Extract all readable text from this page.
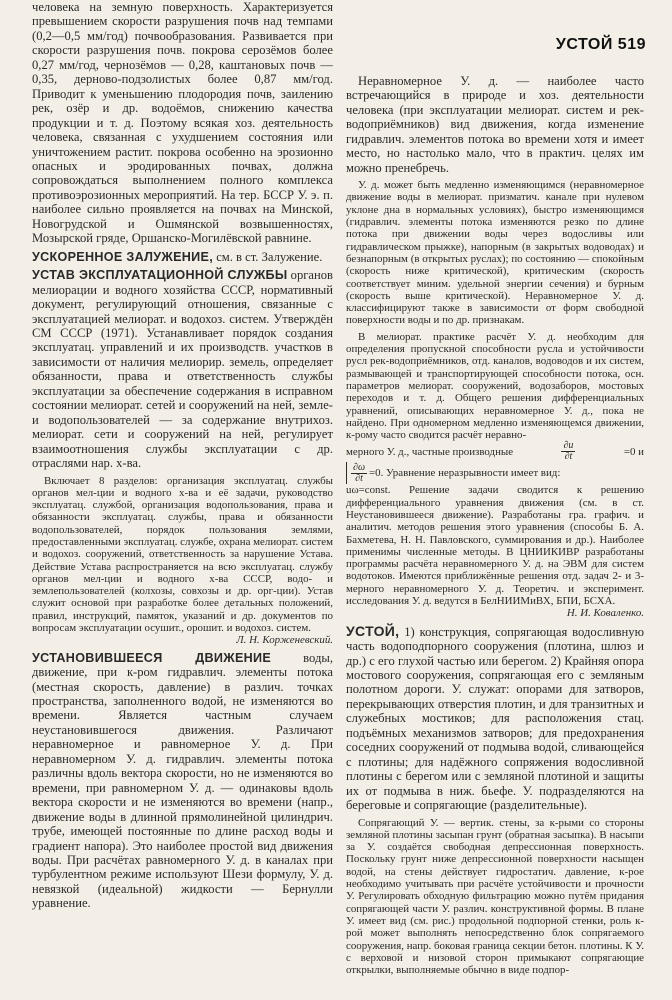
УСТОЙ 519

человека на земную поверхность. Характеризуется превышением скорости разрушения почв над темпами (0,2—0,5 мм/год) почвообразования. Развивается при скорости разрушения почв. покрова серозёмов более 0,27 мм/год, чернозёмов — 0,28, каштановых почв — 0,35, дерново-подзолистых более 0,87 мм/год. Приводит к уменьшению плодородия почв, заилению рек, озёр и др. водоёмов, снижению качества продукции и т. д. Поэтому всякая хоз. деятельность человека, связанная с ухудшением состояния или уничтожением растит. покрова особенно на эрозионно опасных и эродированных почвах, должна сопровождаться выполнением полного комплекса противоэрозионных мероприятий. На тер. БССР У. э. п. наиболее сильно проявляется на почвах на Минской, Новогрудской и Ошмянской возвышенностях, Мозырской гряде, Оршанско-Могилёвской равнине.

УСКОРЕННОЕ ЗАЛУЖЕНИЕ, см. в ст. Залужение.

УСТАВ ЭКСПЛУАТАЦИОННОЙ СЛУЖБЫ органов мелиорации и водного хозяйства СССР, нормативный документ, регулирующий отношения, связанные с эксплуатацией мелиорат. и водохоз. систем. Утверждён СМ СССР (1971). Устанавливает порядок создания эксплуатац. управлений и их производств. участков в зависимости от наличия мелиорир. земель, определяет обязанности, права и ответственность службы эксплуатации за обеспечение содержания в исправном состоянии мелиорат. сетей и сооружений на ней, земле- и водопользователей — за содержание внутрихоз. мелиорат. сети и сооружений на ней, регулирует взаимоотношения службы эксплуатации с др. отраслями нар. х-ва.

Включает 8 разделов: организация эксплуатац. службы органов мел-ции и водного х-ва и её задачи, руководство эксплуатац. службой, организация водопользования, права и обязанности эксплуатац. службы, права и обязанности водопользователей, порядок пользования землями, предоставленными эксплуатац. службе, охрана мелиорат. систем и водохоз. сооружений, ответственность за нарушение Устава. Действие Устава распространяется на всю эксплуатац. службу органов мел-ции и водного х-ва СССР, водо- и землепользователей (колхозы, совхозы и др. орг-ции). Устав служит основой при разработке более детальных положений, правил, инструкций, памяток, указаний и др. документов по вопросам эксплуатации осушит., орошит. и водохоз. систем.

Л. Н. Корженевский.

УСТАНОВИВШЕЕСЯ ДВИЖЕНИЕ	воды, движение, при к-ром гидравлич. элементы потока (местная скорость, давление) в различ. точках пространства, заполненного водой, не изменяются во времени. Является частным случаем неустановившегося движения. Различают неравномерное и равномерное У. д. При неравномерном У. д. гидравлич. элементы потока различны вдоль вектора скорости, но не изменяются во времени, при равномерном У. д. — одинаковы вдоль вектора скорости и не изменяются во времени (напр., движение воды в длинной прямолинейной цилиндрич. трубе, имеющей постоянные по длине расход воды и градиент напора). Это наиболее простой вид движения воды. При расчётах равномерного У. д. в каналах при турбулентном режиме используют Шези формулу, У. д. невязкой (идеальной) жидкости — Бернулли уравнение.

Неравномерное У. д. — наиболее часто встречающийся в природе и хоз. деятельности человека (при эксплуатации мелиорат. систем и рек-водоприёмников) вид движения, когда изменение гидравлич. элементов потока во времени хотя и имеет место, но настолько мало, что в практич. целях им можно пренебречь.

У. д. может быть медленно изменяющимся (неравномерное движение воды в мелиорат. призматич. канале при нулевом уклоне дна в нормальных условиях), быстро изменяющимся (гидравлич. элементы потока изменяются резко по длине потока при движении воды через водосливы или гидравлическом прыжке), напорным (в закрытых водоводах) и безнапорным (в открытых руслах); по состоянию — спокойным (скорость ниже критической), критическим (скорость соответствует миним. удельной энергии сечения) и бурным (скорость выше критической). Неравномерное У. д. классифицируют также в зависимости от форм свободной поверхности воды и по др. признакам.

В мелиорат. практике расчёт У. д. необходим для определения пропускной способности русла и устойчивости русл рек-водоприёмников, отд. каналов, водоводов и их систем, размывающей и транспортирующей способности потока, осн. параметров мелиорат. сооружений, водозаборов, мостовых переходов и т. д. Общего решения дифференциальных уравнений, описывающих неравномерное У. д., пока не найдено. При одномерном медленно изменяющемся движении, к-рому часто сводится расчёт неравно-

мерного У. д., частные производные	$\frac{\partial u}{\partial t}$	=0 и
$\frac{\partial\omega}{\partial t} =0$. Уравнение неразрывности имеет вид:

uω=const. Решение задачи сводится к решению дифференциального уравнения движения (см. в ст. Неустановившееся движение). Разработаны гра. графич. и аналитич. методов решения этого уравнения (способы Б. А. Бахметева, Н. Н. Павловского, суммирования и др.). Наиболее применимы численные методы. В ЦНИИКИВР разработаны программы расчёта неравномерного У. д. на ЭВМ для систем водотоков. Имеются приближённые решения отд. задач 2- и 3-мерного неравномерного У. д. Теоретич. и эксперимент. исследования У. д. ведутся в БелНИИМиВХ, БПИ, БСХА.

Н. И. Коваленко.

УСТОЙ, 1) конструкция, сопрягающая водосливную часть водоподпорного сооружения (плотина, шлюз и др.) с его глухой частью или берегом. 2) Крайняя опора мостового сооружения, сопрягающая его с земляным полотном дороги. У. служат: опорами для затворов, перекрывающих отверстия плотин, и для транзитных и служебных мостиков; для расположения стац. подъёмных механизмов затворов; для предохранения соседних сооружений от подмыва водой, сливающейся с плотины; для надёжного сопряжения водосливной плотины с берегом или с земляной плотиной и защиты их от подмыва в ниж. бьефе. У. подразделяются на береговые и сопрягающие (разделительные).

Сопрягающий У. — вертик. стены, за к-рыми со стороны земляной плотины засыпан грунт (обратная засыпка). В насыпи за У. создаётся свободная депрессионная поверхность. Поскольку грунт ниже депрессионной поверхности насыщен водой, на стены действует гидростатич. давление, к-рое необходимо учитывать при расчёте устойчивости и прочности У. Регулировать обходную фильтрацию можно путём придания сопрягающей части У. различ. конструктивной формы. В плане У. имеет вид (см. рис.) продольной подпорной стенки, роль к-рой может выполнять непосредственно блок сопрягаемого сооружения, напр. боковая граница секции бетон. плотины. К У. с верховой и низовой сторон примыкают сопрягающие открылки, выполняемые обычно в виде подпор-
